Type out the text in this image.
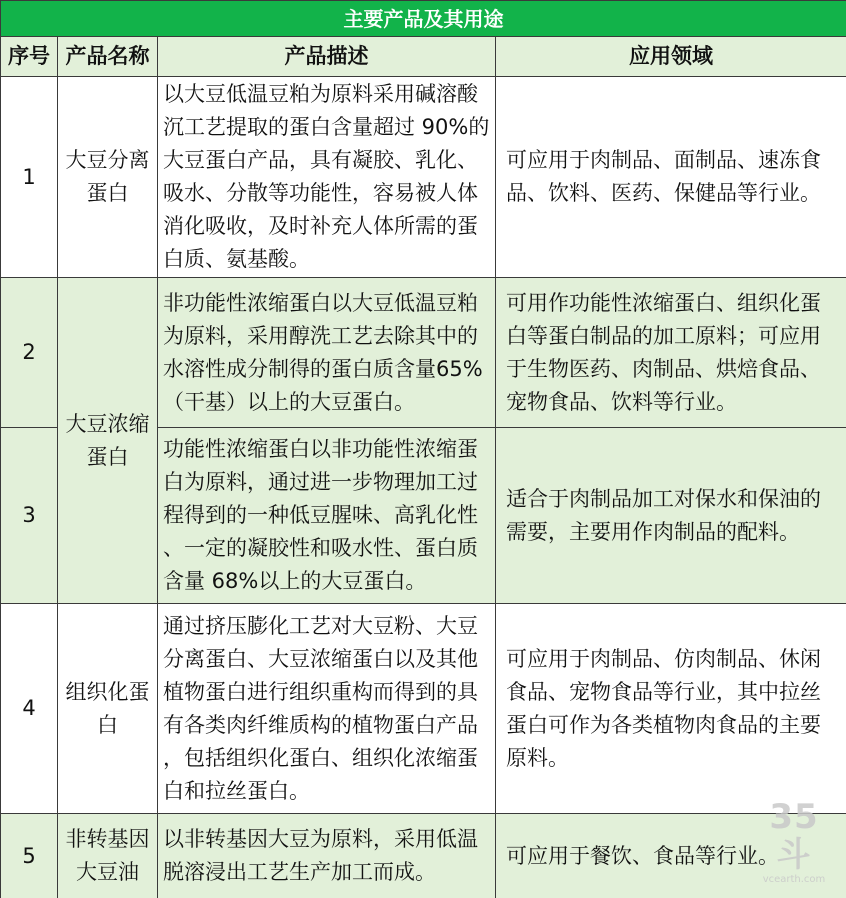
主要产品及其用途			
序号	产品名称	产品描述	应用领域
1	大豆分离蛋白	以大豆低温豆粕为原料采用碱溶酸沉工艺提取的蛋白含量超过 90%的大豆蛋白产品，具有凝胶、乳化、吸水、分散等功能性，容易被人体消化吸收，及时补充人体所需的蛋白质、氨基酸。	可应用于肉制品、面制品、速冻食品、饮料、医药、保健品等行业。
2	大豆浓缩蛋白	非功能性浓缩蛋白以大豆低温豆粕为原料，采用醇洗工艺去除其中的水溶性成分制得的蛋白质含量65%（干基）以上的大豆蛋白。	可用作功能性浓缩蛋白、组织化蛋白等蛋白制品的加工原料；可应用于生物医药、肉制品、烘焙食品、宠物食品、饮料等行业。
3		功能性浓缩蛋白以非功能性浓缩蛋白为原料，通过进一步物理加工过程得到的一种低豆腥味、高乳化性、一定的凝胶性和吸水性、蛋白质含量 68%以上的大豆蛋白。	适合于肉制品加工对保水和保油的需要，主要用作肉制品的配料。
4	组织化蛋白	通过挤压膨化工艺对大豆粉、大豆分离蛋白、大豆浓缩蛋白以及其他植物蛋白进行组织重构而得到的具有各类肉纤维质构的植物蛋白产品，包括组织化蛋白、组织化浓缩蛋白和拉丝蛋白。	可应用于肉制品、仿肉制品、休闲食品、宠物食品等行业，其中拉丝蛋白可作为各类植物肉食品的主要原料。
5	非转基因大豆油	以非转基因大豆为原料，采用低温脱溶浸出工艺生产加工而成。	可应用于餐饮、食品等行业。
35斗
vcearth.com
